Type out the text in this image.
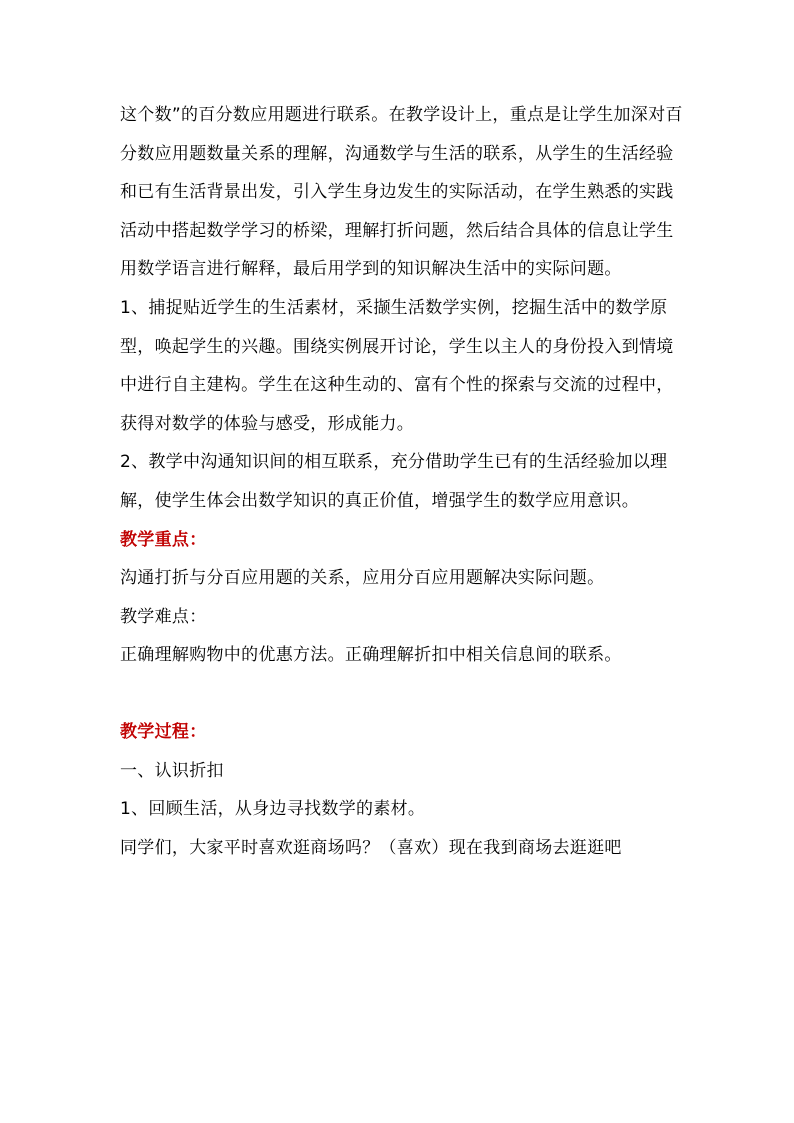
这个数”的百分数应用题进行联系。在教学设计上，重点是让学生加深对百分数应用题数量关系的理解，沟通数学与生活的联系，从学生的生活经验和已有生活背景出发，引入学生身边发生的实际活动，在学生熟悉的实践活动中搭起数学学习的桥梁，理解打折问题，然后结合具体的信息让学生用数学语言进行解释，最后用学到的知识解决生活中的实际问题。

1、捕捉贴近学生的生活素材，采撷生活数学实例，挖掘生活中的数学原型，唤起学生的兴趣。围绕实例展开讨论，学生以主人的身份投入到情境中进行自主建构。学生在这种生动的、富有个性的探索与交流的过程中，获得对数学的体验与感受，形成能力。

2、教学中沟通知识间的相互联系，充分借助学生已有的生活经验加以理解，使学生体会出数学知识的真正价值，增强学生的数学应用意识。

教学重点：

沟通打折与分百应用题的关系，应用分百应用题解决实际问题。

教学难点：

正确理解购物中的优惠方法。正确理解折扣中相关信息间的联系。

教学过程：

一、认识折扣

1、回顾生活，从身边寻找数学的素材。

同学们，大家平时喜欢逛商场吗？（喜欢）现在我到商场去逛逛吧
